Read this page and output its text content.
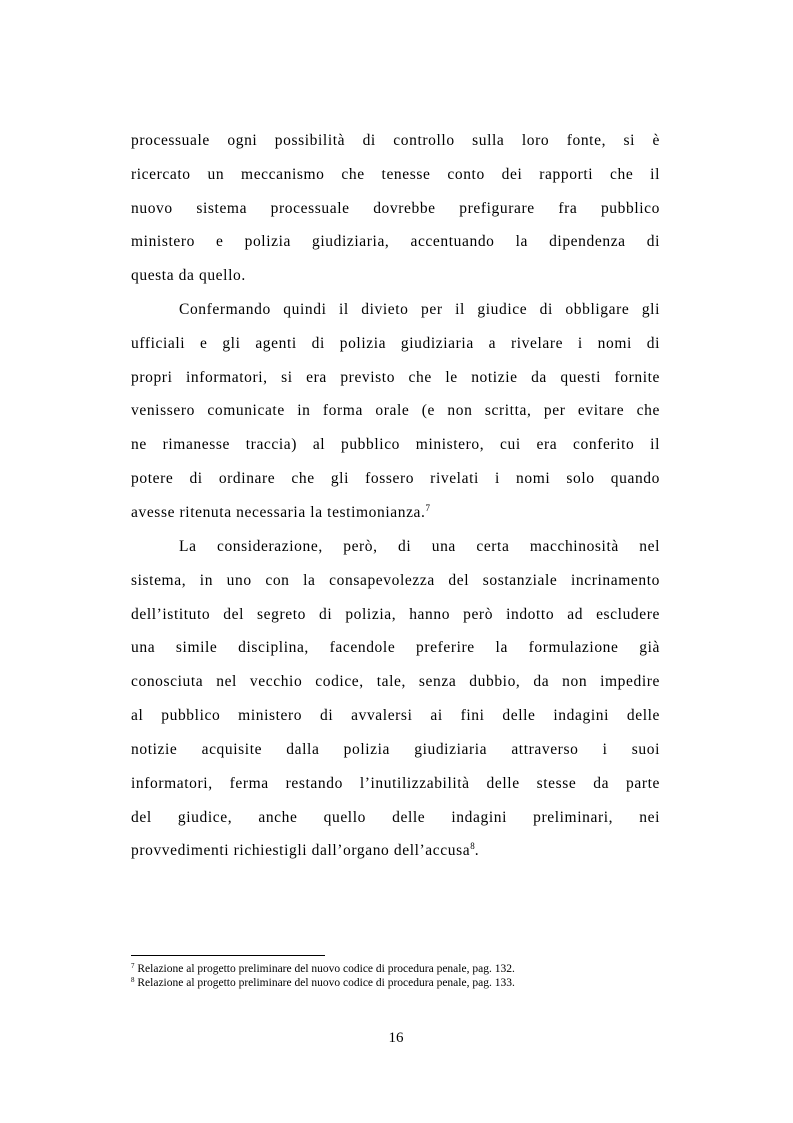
processuale ogni possibilità di controllo sulla loro fonte, si è
ricercato un meccanismo che tenesse conto dei rapporti che il
nuovo sistema processuale dovrebbe prefigurare fra pubblico
ministero e polizia giudiziaria, accentuando la dipendenza di
questa da quello.
Confermando quindi il divieto per il giudice di obbligare gli
ufficiali e gli agenti di polizia giudiziaria a rivelare i nomi di
propri informatori, si era previsto che le notizie da questi fornite
venissero comunicate in forma orale (e non scritta, per evitare che
ne rimanesse traccia) al pubblico ministero, cui era conferito il
potere di ordinare che gli fossero rivelati i nomi solo quando
avesse ritenuta necessaria la testimonianza.$^7$
La considerazione, però, di una certa macchinosità nel
sistema, in uno con la consapevolezza del sostanziale incrinamento
dell’istituto del segreto di polizia, hanno però indotto ad escludere
una simile disciplina, facendole preferire la formulazione già
conosciuta nel vecchio codice, tale, senza dubbio, da non impedire
al pubblico ministero di avvalersi ai fini delle indagini delle
notizie acquisite dalla polizia giudiziaria attraverso i suoi
informatori, ferma restando l’inutilizzabilità delle stesse da parte
del giudice, anche quello delle indagini preliminari, nei
provvedimenti richiestigli dall’organo dell’accusa$^8$.
$^7$ Relazione al progetto preliminare del nuovo codice di procedura penale, pag. 132.
$^8$ Relazione al progetto preliminare del nuovo codice di procedura penale, pag. 133.
16
